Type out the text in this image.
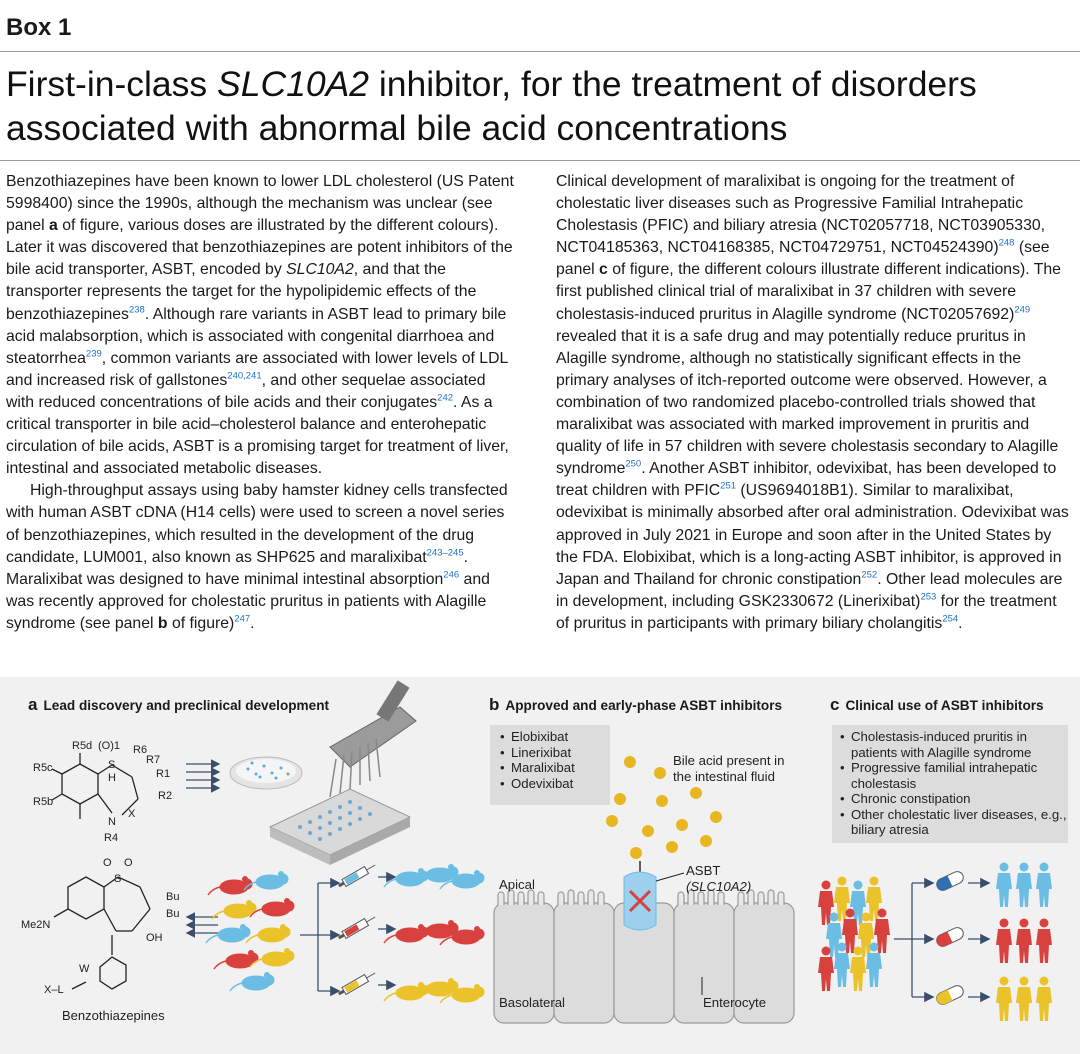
Box 1
First-in-class SLC10A2 inhibitor, for the treatment of disorders associated with abnormal bile acid concentrations

Benzothiazepines have been known to lower LDL cholesterol (US Patent 5998400) since the 1990s, although the mechanism was unclear (see panel a of figure, various doses are illustrated by the different colours). Later it was discovered that benzothiazepines are potent inhibitors of the bile acid transporter, ASBT, encoded by SLC10A2, and that the transporter represents the target for the hypolipidemic effects of the benzothiazepines$^{238}$. Although rare variants in ASBT lead to primary bile acid malabsorption, which is associated with congenital diarrhoea and steatorrhea$^{239}$, common variants are associated with lower levels of LDL and increased risk of gallstones$^{240,241}$, and other sequelae associated with reduced concentrations of bile acids and their conjugates$^{242}$. As a critical transporter in bile acid–cholesterol balance and enterohepatic circulation of bile acids, ASBT is a promising target for treatment of liver, intestinal and associated metabolic diseases.

High-throughput assays using baby hamster kidney cells transfected with human ASBT cDNA (H14 cells) were used to screen a novel series of benzothiazepines, which resulted in the development of the drug candidate, LUM001, also known as SHP625 and maralixibat$^{243-245}$. Maralixibat was designed to have minimal intestinal absorption$^{246}$ and was recently approved for cholestatic pruritus in patients with Alagille syndrome (see panel b of figure)$^{247}$.

Clinical development of maralixibat is ongoing for the treatment of cholestatic liver diseases such as Progressive Familial Intrahepatic Cholestasis (PFIC) and biliary atresia (NCT02057718, NCT03905330, NCT04185363, NCT04168385, NCT04729751, NCT04524390)$^{248}$ (see panel c of figure, the different colours illustrate different indications). The first published clinical trial of maralixibat in 37 children with severe cholestasis-induced pruritus in Alagille syndrome $(NCT02057692)^{249}$ revealed that it is a safe drug and may potentially reduce pruritus in Alagille syndrome, although no statistically significant effects in the primary analyses of itch-reported outcome were observed. However, a combination of two randomized placebo-controlled trials showed that maralixibat was associated with marked improvement in pruritis and quality of life in 57 children with severe cholestasis secondary to Alagille syndrome$^{250}$. Another ASBT inhibitor, odevixibat, has been developed to treat children with PFIC$^{251}$ (US9694018B1). Similar to maralixibat, odevixibat is minimally absorbed after oral administration. Odevixibat was approved in July 2021 in Europe and soon after in the United States by the FDA. Elobixibat, which is a long-acting ASBT inhibitor, is approved in Japan and Thailand for chronic constipation$^{252}$. Other lead molecules are in development, including GSK2330672 (Linerixibat)$^{253}$ for the treatment of pruritus in participants with primary biliary cholangitis$^{254}$.

R5d (O)1 R6
R7
R5c	S
H	R1
R2
R5b
N
X
R4
O O
S
Bu
Bu
Me2N
OH
W
X–L
Benzothiazepines
a Lead discovery and preclinical development	b Approved and early-phase ASBT inhibitors	c Clinical use of ASBT inhibitors
• Elobixibat
• Linerixibat
• Maralixibat
• Odevixibat
Bile acid present in
the intestinal fluid
ASBT
(SLC10A2)
Apical
Basolateral	Enterocyte
• Cholestasis-induced pruritis in patients with Alagille syndrome
• Progressive familial intrahepatic cholestasis
• Chronic constipation
• Other cholestatic liver diseases, e.g., biliary atresia
